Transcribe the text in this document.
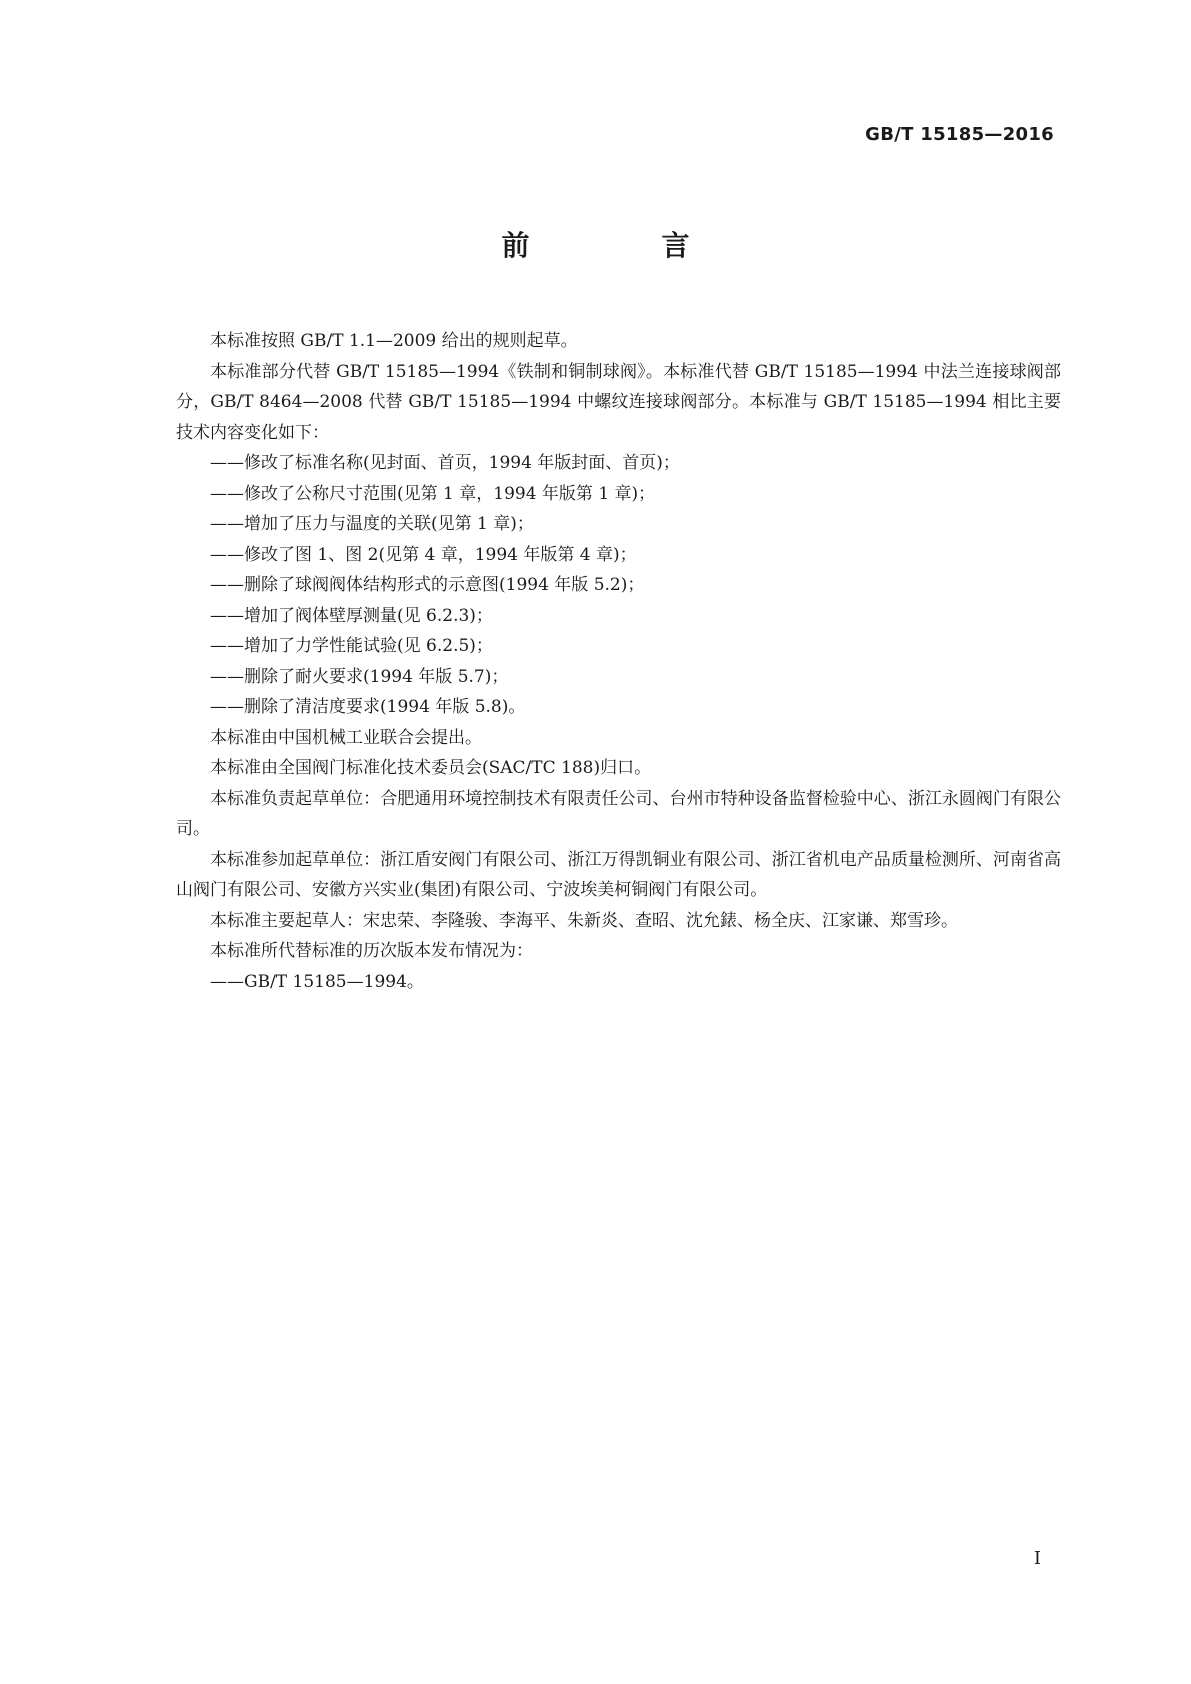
GB/T 15185—2016
前　言

本标准按照 GB/T 1.1—2009 给出的规则起草。

本标准部分代替 GB/T 15185—1994《铁制和铜制球阀》。本标准代替 GB/T 15185—1994 中法兰连接球阀部分，GB/T 8464—2008 代替 GB/T 15185—1994 中螺纹连接球阀部分。本标准与 GB/T 15185—1994 相比主要技术内容变化如下：

——修改了标准名称(见封面、首页，1994 年版封面、首页)；

——修改了公称尺寸范围(见第 1 章，1994 年版第 1 章)；

——增加了压力与温度的关联(见第 1 章)；

——修改了图 1、图 2(见第 4 章，1994 年版第 4 章)；

——删除了球阀阀体结构形式的示意图(1994 年版 5.2)；

——增加了阀体壁厚测量(见 6.2.3)；

——增加了力学性能试验(见 6.2.5)；

——删除了耐火要求(1994 年版 5.7)；

——删除了清洁度要求(1994 年版 5.8)。

本标准由中国机械工业联合会提出。

本标准由全国阀门标准化技术委员会(SAC/TC 188)归口。

本标准负责起草单位：合肥通用环境控制技术有限责任公司、台州市特种设备监督检验中心、浙江永圆阀门有限公司。

本标准参加起草单位：浙江盾安阀门有限公司、浙江万得凯铜业有限公司、浙江省机电产品质量检测所、河南省高山阀门有限公司、安徽方兴实业(集团)有限公司、宁波埃美柯铜阀门有限公司。

本标准主要起草人：宋忠荣、李隆骏、李海平、朱新炎、查昭、沈允錶、杨全庆、江家谦、郑雪珍。

本标准所代替标准的历次版本发布情况为：

——GB/T 15185—1994。

I
